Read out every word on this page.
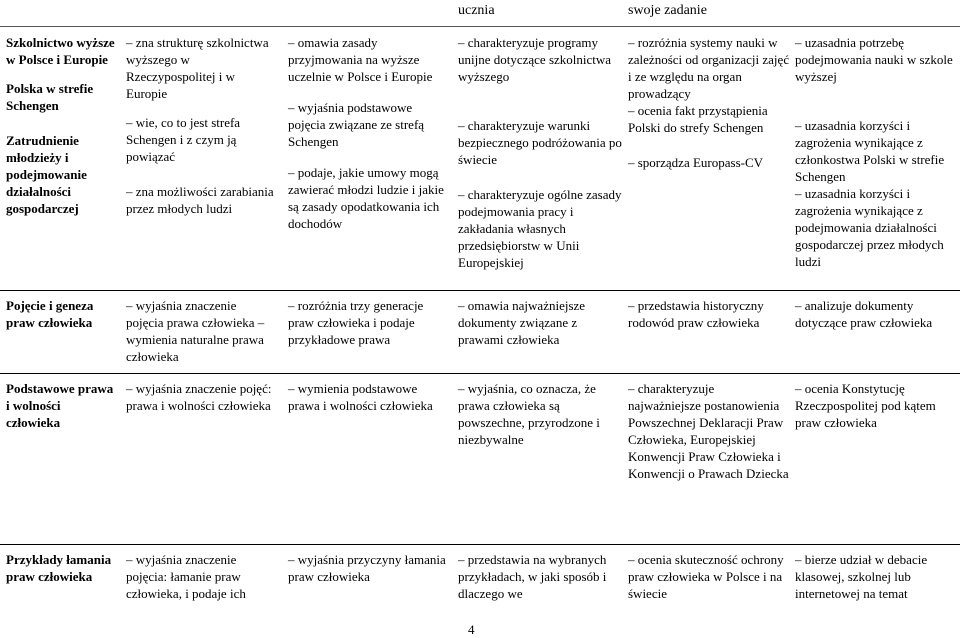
ucznia	swoje zadanie
Szkolnictwo wyższe w Polsce i Europie
Polska w strefie Schengen
Zatrudnienie młodzieży i podejmowanie działalności gospodarczej
– zna strukturę szkolnictwa wyższego w Rzeczypospolitej i w Europie
– wie, co to jest strefa Schengen i z czym ją powiązać
– zna możliwości zarabiania przez młodych ludzi
– omawia zasady przyjmowania na wyższe uczelnie w Polsce i Europie
– wyjaśnia podstawowe pojęcia związane ze strefą Schengen
– podaje, jakie umowy mogą zawierać młodzi ludzie i jakie są zasady opodatkowania ich dochodów
– charakteryzuje programy unijne dotyczące szkolnictwa wyższego
– charakteryzuje warunki bezpiecznego podróżowania po świecie
– charakteryzuje ogólne zasady podejmowania pracy i zakładania własnych przedsiębiorstw w Unii Europejskiej
– rozróżnia systemy nauki w zależności od organizacji zajęć i ze względu na organ prowadzący
– ocenia fakt przystąpienia Polski do strefy Schengen
– sporządza Europass-CV
– uzasadnia potrzebę podejmowania nauki w szkole wyższej
– uzasadnia korzyści i zagrożenia wynikające z członkostwa Polski w strefie Schengen
– uzasadnia korzyści i zagrożenia wynikające z podejmowania działalności gospodarczej przez młodych ludzi
Pojęcie i geneza praw człowieka
– wyjaśnia znaczenie pojęcia prawa człowieka – wymienia naturalne prawa człowieka
– rozróżnia trzy generacje praw człowieka i podaje przykładowe prawa
– omawia najważniejsze dokumenty związane z prawami człowieka
– przedstawia historyczny rodowód praw człowieka
– analizuje dokumenty dotyczące praw człowieka
Podstawowe prawa i wolności człowieka
– wyjaśnia znaczenie pojęć: prawa i wolności człowieka
– wymienia podstawowe prawa i wolności człowieka
– wyjaśnia, co oznacza, że prawa człowieka są powszechne, przyrodzone i niezbywalne
– charakteryzuje najważniejsze postanowienia Powszechnej Deklaracji Praw Człowieka, Europejskiej Konwencji Praw Człowieka i Konwencji o Prawach Dziecka
– ocenia Konstytucję Rzeczpospolitej pod kątem praw człowieka
Przykłady łamania praw człowieka
– wyjaśnia znaczenie pojęcia: łamanie praw człowieka, i podaje ich
– wyjaśnia przyczyny łamania praw człowieka
– przedstawia na wybranych przykładach, w jaki sposób i dlaczego we
– ocenia skuteczność ochrony praw człowieka w Polsce i na świecie
– bierze udział w debacie klasowej, szkolnej lub internetowej na temat
4
